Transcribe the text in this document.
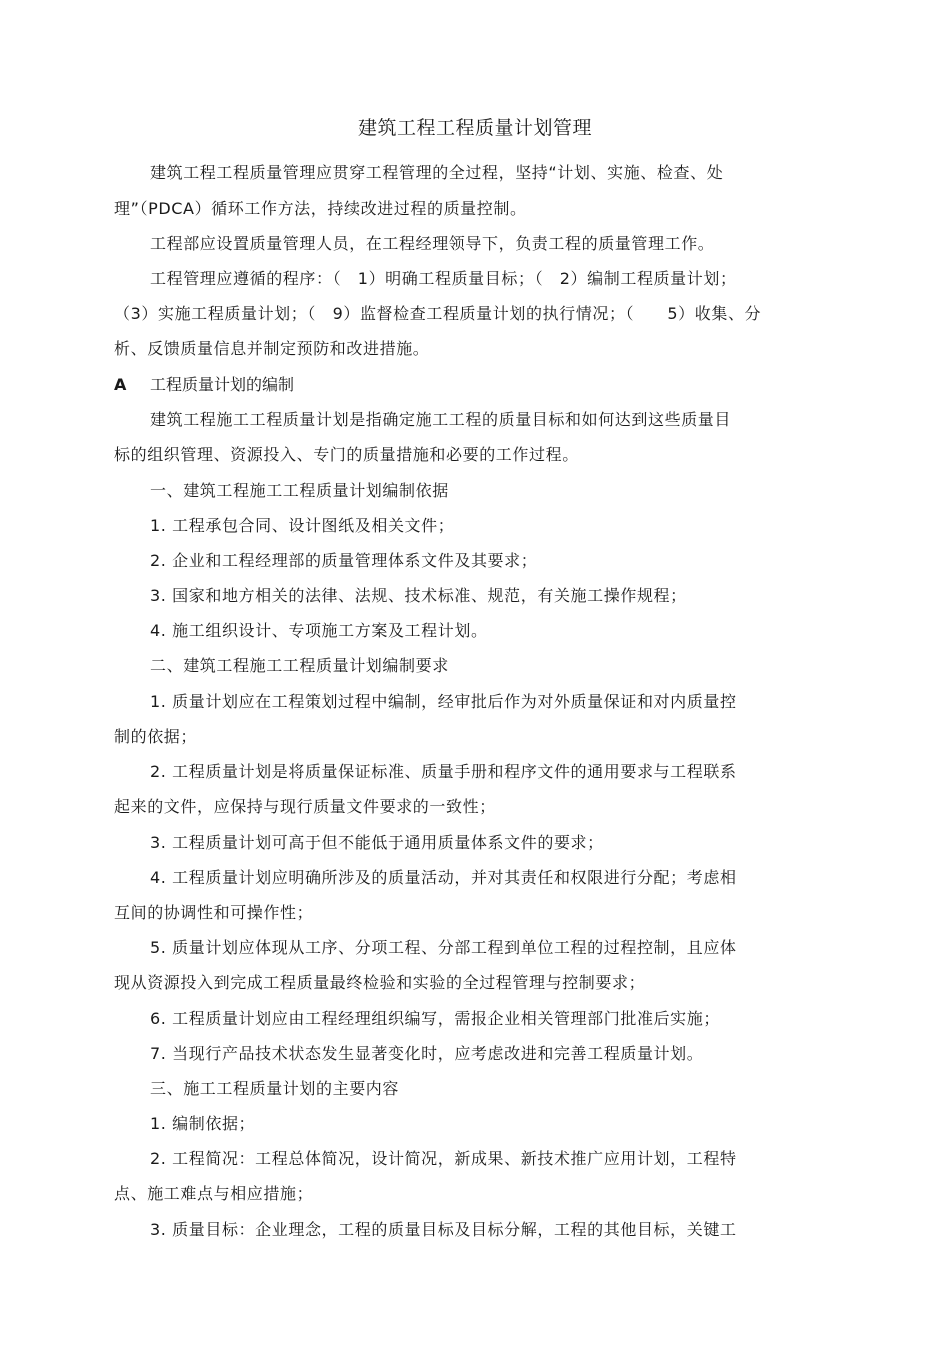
建筑工程工程质量计划管理
建筑工程工程质量管理应贯穿工程管理的全过程，坚持“计划、实施、检查、处
理”（PDCA）循环工作方法，持续改进过程的质量控制。
工程部应设置质量管理人员，在工程经理领导下，负责工程的质量管理工作。
工程管理应遵循的程序：（　1）明确工程质量目标；（　2）编制工程质量计划；
（3）实施工程质量计划；（　9）监督检查工程质量计划的执行情况；（　　5）收集、分
析、反馈质量信息并制定预防和改进措施。
A 工程质量计划的编制
建筑工程施工工程质量计划是指确定施工工程的质量目标和如何达到这些质量目
标的组织管理、资源投入、专门的质量措施和必要的工作过程。
一、建筑工程施工工程质量计划编制依据
1. 工程承包合同、设计图纸及相关文件；
2. 企业和工程经理部的质量管理体系文件及其要求；
3. 国家和地方相关的法律、法规、技术标准、规范，有关施工操作规程；
4. 施工组织设计、专项施工方案及工程计划。
二、建筑工程施工工程质量计划编制要求
1. 质量计划应在工程策划过程中编制，经审批后作为对外质量保证和对内质量控
制的依据；
2. 工程质量计划是将质量保证标准、质量手册和程序文件的通用要求与工程联系
起来的文件，应保持与现行质量文件要求的一致性；
3. 工程质量计划可高于但不能低于通用质量体系文件的要求；
4. 工程质量计划应明确所涉及的质量活动，并对其责任和权限进行分配；考虑相
互间的协调性和可操作性；
5. 质量计划应体现从工序、分项工程、分部工程到单位工程的过程控制，且应体
现从资源投入到完成工程质量最终检验和实验的全过程管理与控制要求；
6. 工程质量计划应由工程经理组织编写，需报企业相关管理部门批准后实施；
7. 当现行产品技术状态发生显著变化时，应考虑改进和完善工程质量计划。
三、施工工程质量计划的主要内容
1. 编制依据；
2. 工程简况：工程总体简况，设计简况，新成果、新技术推广应用计划，工程特
点、施工难点与相应措施；
3. 质量目标：企业理念，工程的质量目标及目标分解，工程的其他目标，关键工
